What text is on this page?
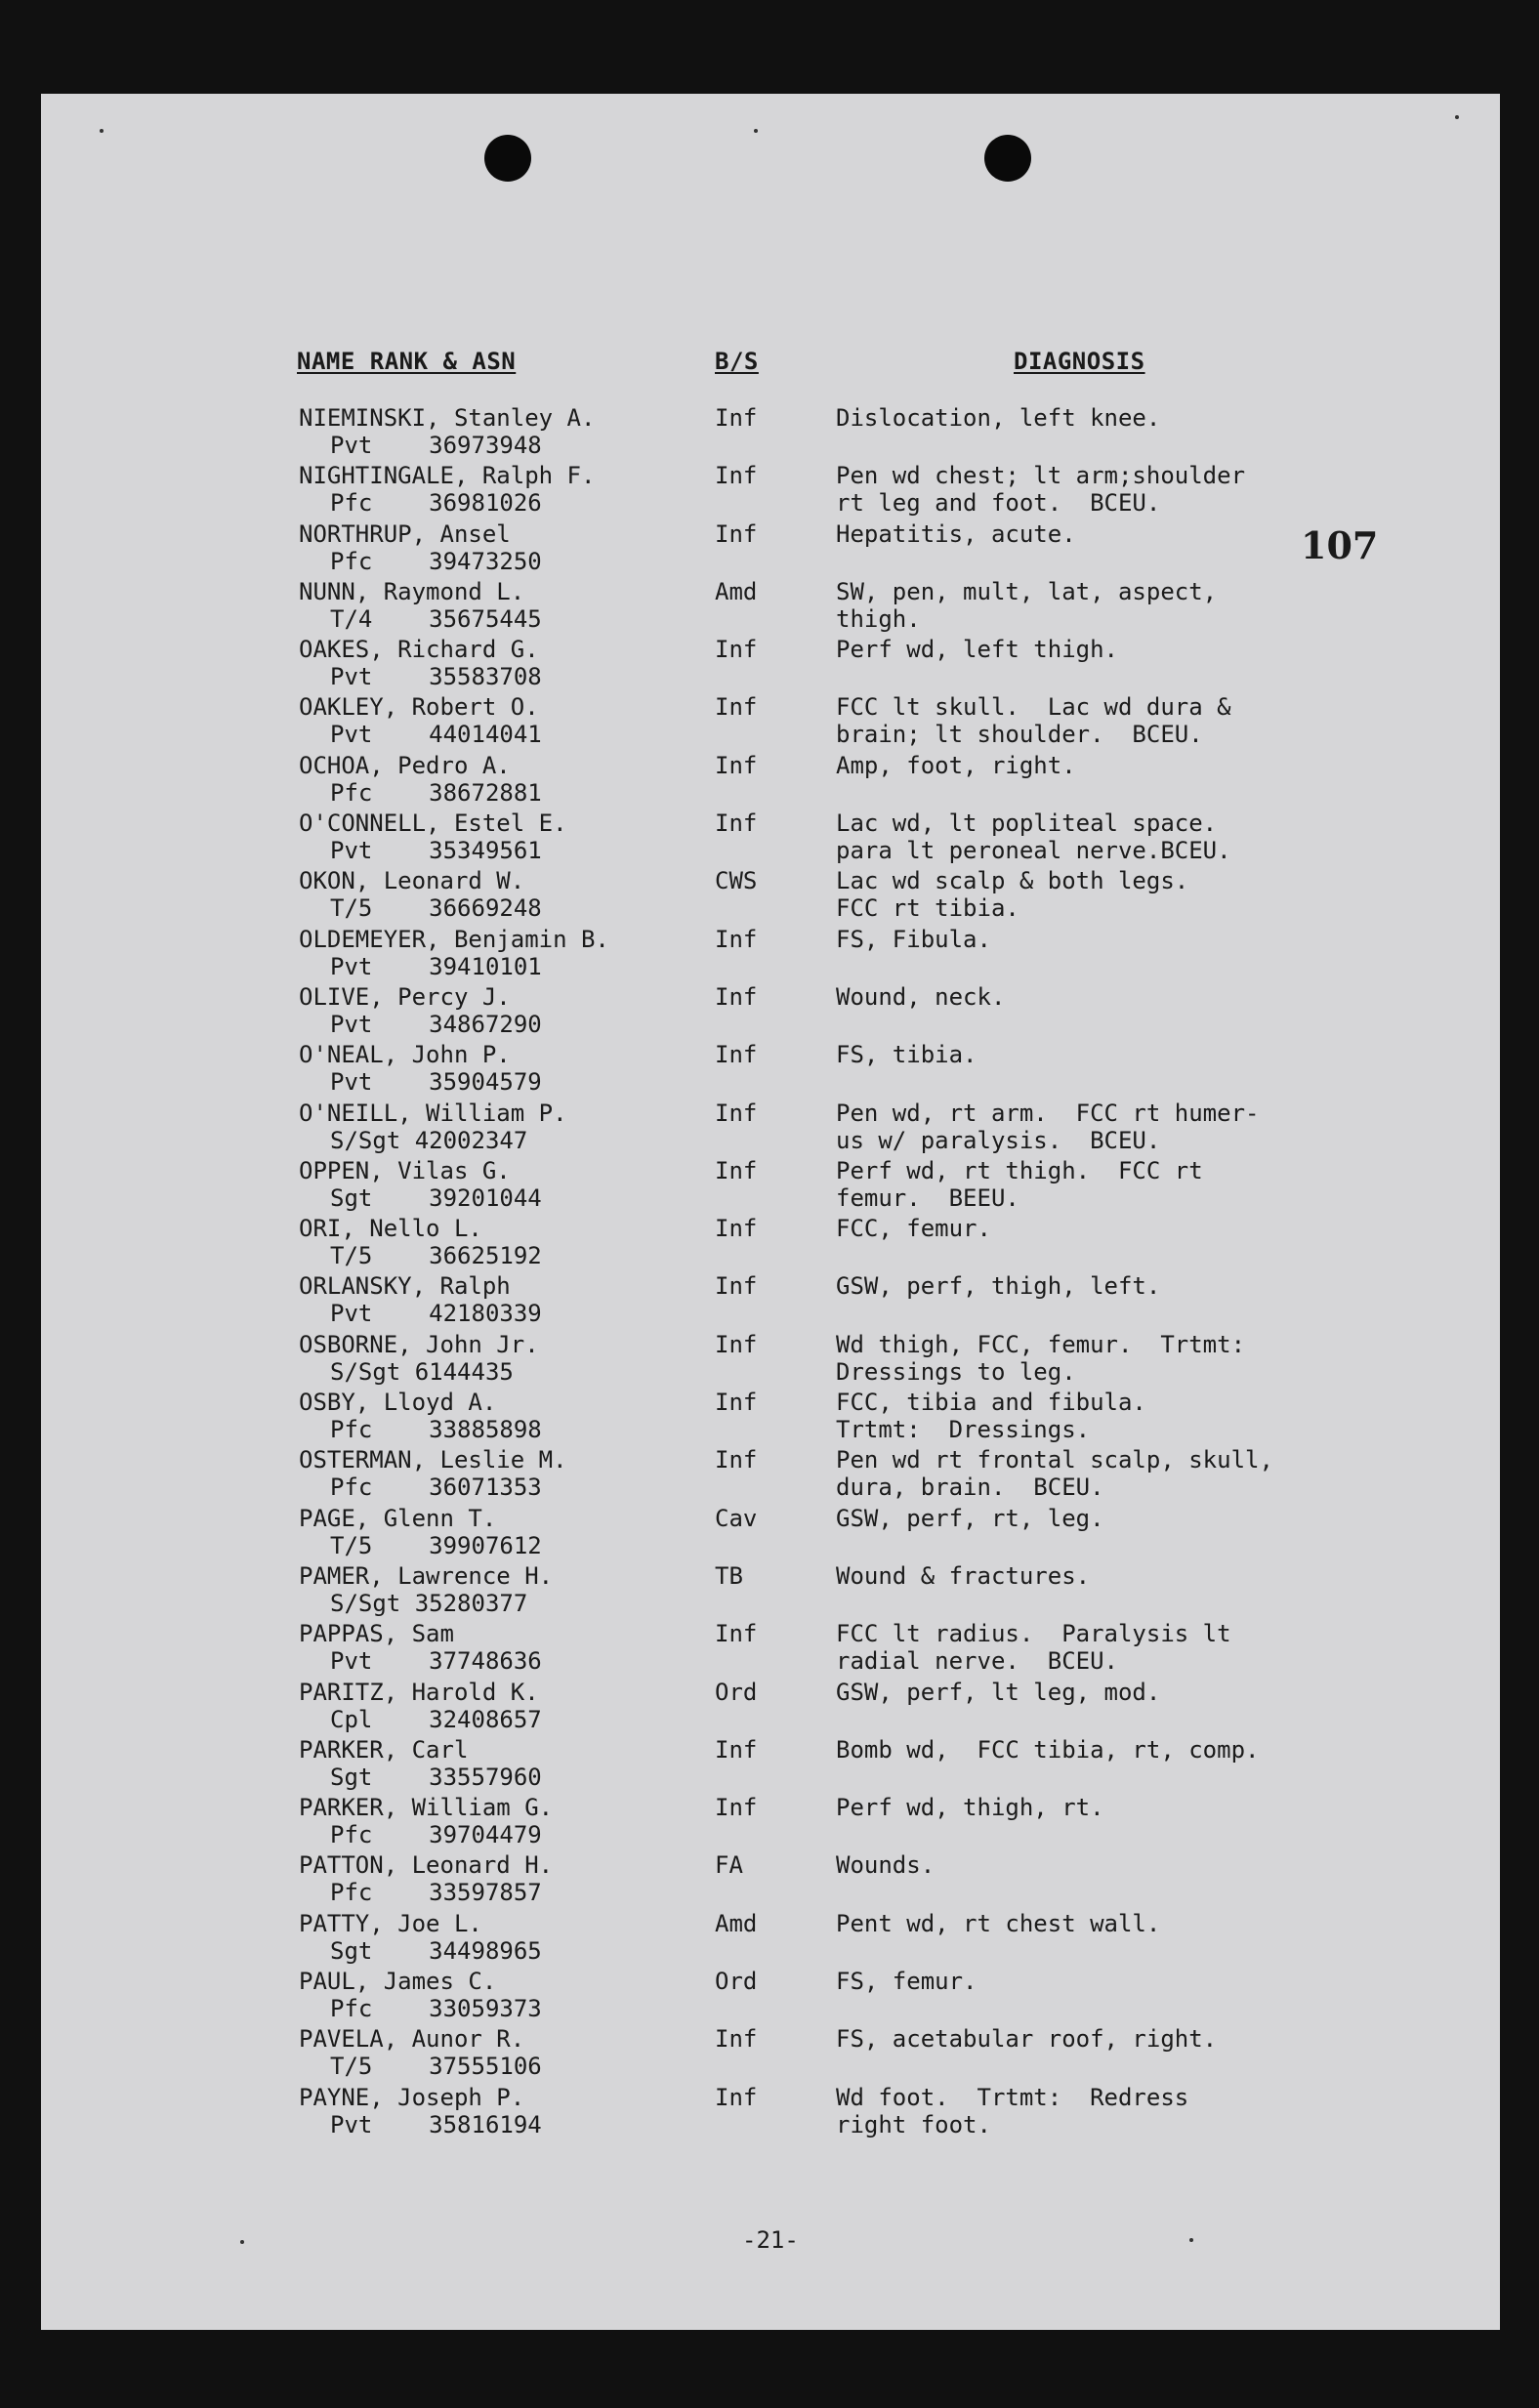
NAME RANK & ASN	B/S	DIAGNOSIS
107
NIEMINSKI, Stanley A.
Pvt    36973948
Inf	Dislocation, left knee.
NIGHTINGALE, Ralph F.
Pfc    36981026
Inf	Pen wd chest; lt arm;shoulder
rt leg and foot.  BCEU.
NORTHRUP, Ansel
Pfc    39473250
Inf	Hepatitis, acute.
NUNN, Raymond L.
T/4    35675445
Amd	SW, pen, mult, lat, aspect,
thigh.
OAKES, Richard G.
Pvt    35583708
Inf	Perf wd, left thigh.
OAKLEY, Robert O.
Pvt    44014041
Inf	FCC lt skull.  Lac wd dura &
brain; lt shoulder.  BCEU.
OCHOA, Pedro A.
Pfc    38672881
Inf	Amp, foot, right.
O'CONNELL, Estel E.
Pvt    35349561
Inf	Lac wd, lt popliteal space.
para lt peroneal nerve.BCEU.
OKON, Leonard W.
T/5    36669248
CWS	Lac wd scalp & both legs.
FCC rt tibia.
OLDEMEYER, Benjamin B.
Pvt    39410101
Inf	FS, Fibula.
OLIVE, Percy J.
Pvt    34867290
Inf	Wound, neck.
O'NEAL, John P.
Pvt    35904579
Inf	FS, tibia.
O'NEILL, William P.
S/Sgt 42002347
Inf	Pen wd, rt arm.  FCC rt humer-
us w/ paralysis.  BCEU.
OPPEN, Vilas G.
Sgt    39201044
Inf	Perf wd, rt thigh.  FCC rt
femur.  BEEU.
ORI, Nello L.
T/5    36625192
Inf	FCC, femur.
ORLANSKY, Ralph
Pvt    42180339
Inf	GSW, perf, thigh, left.
OSBORNE, John Jr.
S/Sgt 6144435
Inf	Wd thigh, FCC, femur.  Trtmt:
Dressings to leg.
OSBY, Lloyd A.
Pfc    33885898
Inf	FCC, tibia and fibula.
Trtmt:  Dressings.
OSTERMAN, Leslie M.
Pfc    36071353
Inf	Pen wd rt frontal scalp, skull,
dura, brain.  BCEU.
PAGE, Glenn T.
T/5    39907612
Cav	GSW, perf, rt, leg.
PAMER, Lawrence H.
S/Sgt 35280377
TB	Wound & fractures.
PAPPAS, Sam
Pvt    37748636
Inf	FCC lt radius.  Paralysis lt
radial nerve.  BCEU.
PARITZ, Harold K.
Cpl    32408657
Ord	GSW, perf, lt leg, mod.
PARKER, Carl
Sgt    33557960
Inf	Bomb wd,  FCC tibia, rt, comp.
PARKER, William G.
Pfc    39704479
Inf	Perf wd, thigh, rt.
PATTON, Leonard H.
Pfc    33597857
FA	Wounds.
PATTY, Joe L.
Sgt    34498965
Amd	Pent wd, rt chest wall.
PAUL, James C.
Pfc    33059373
Ord	FS, femur.
PAVELA, Aunor R.
T/5    37555106
Inf	FS, acetabular roof, right.
PAYNE, Joseph P.
Pvt    35816194
Inf	Wd foot.  Trtmt:  Redress
right foot.
-21-
